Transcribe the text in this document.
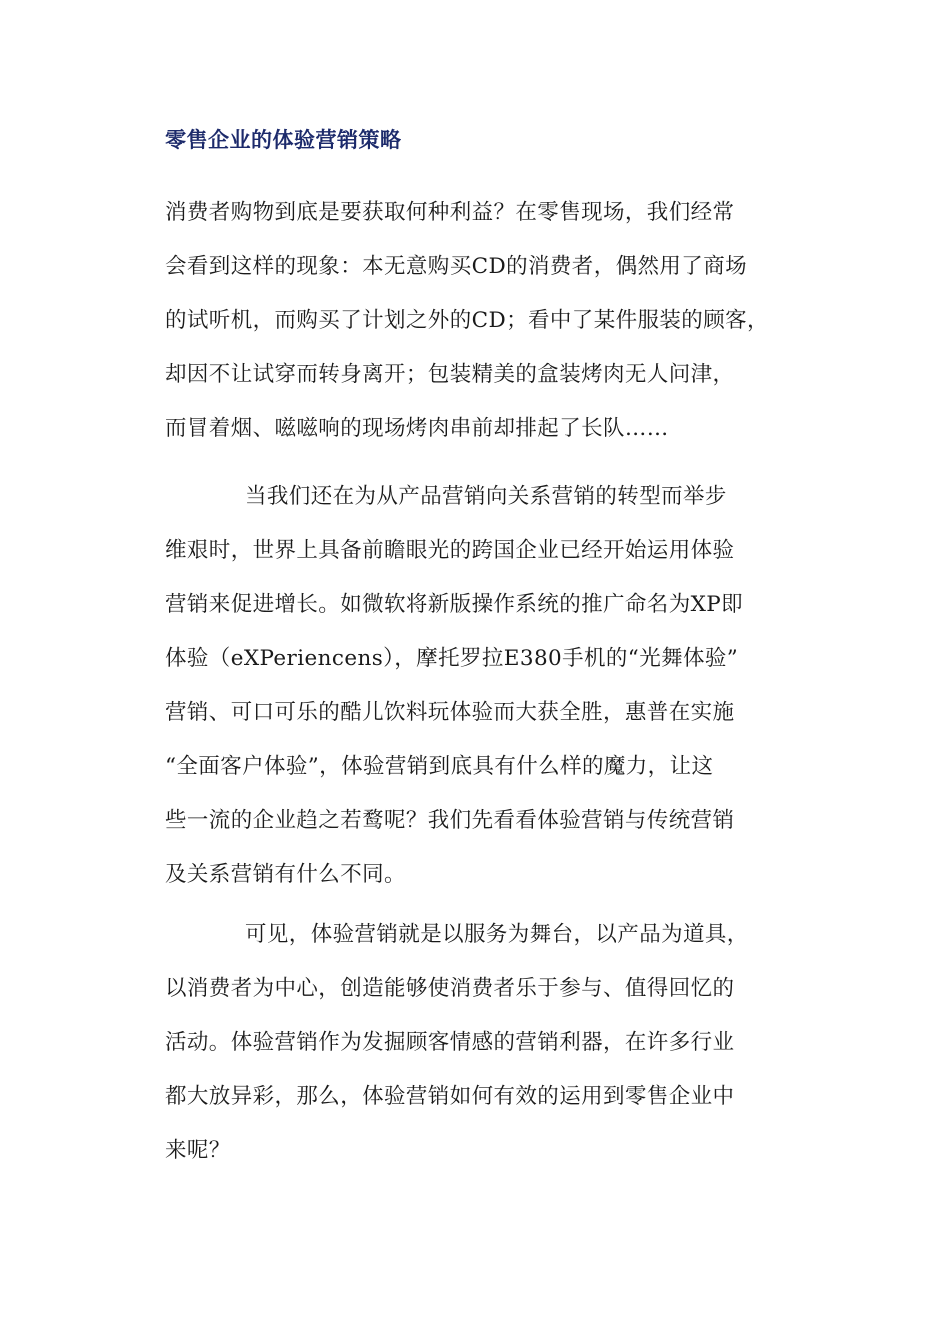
零售企业的体验营销策略
消费者购物到底是要获取何种利益？在零售现场，我们经常
会看到这样的现象：本无意购买CD的消费者，偶然用了商场
的试听机，而购买了计划之外的CD；看中了某件服装的顾客，
却因不让试穿而转身离开；包装精美的盒装烤肉无人问津，
而冒着烟、嗞嗞响的现场烤肉串前却排起了长队……
当我们还在为从产品营销向关系营销的转型而举步
维艰时，世界上具备前瞻眼光的跨国企业已经开始运用体验
营销来促进增长。如微软将新版操作系统的推广命名为XP即
体验（eXPeriencens），摩托罗拉E380手机的“光舞体验”
营销、可口可乐的酷儿饮料玩体验而大获全胜，惠普在实施
“全面客户体验”，体验营销到底具有什么样的魔力，让这
些一流的企业趋之若鹜呢？我们先看看体验营销与传统营销
及关系营销有什么不同。
可见，体验营销就是以服务为舞台，以产品为道具，
以消费者为中心，创造能够使消费者乐于参与、值得回忆的
活动。体验营销作为发掘顾客情感的营销利器，在许多行业
都大放异彩，那么，体验营销如何有效的运用到零售企业中
来呢？
